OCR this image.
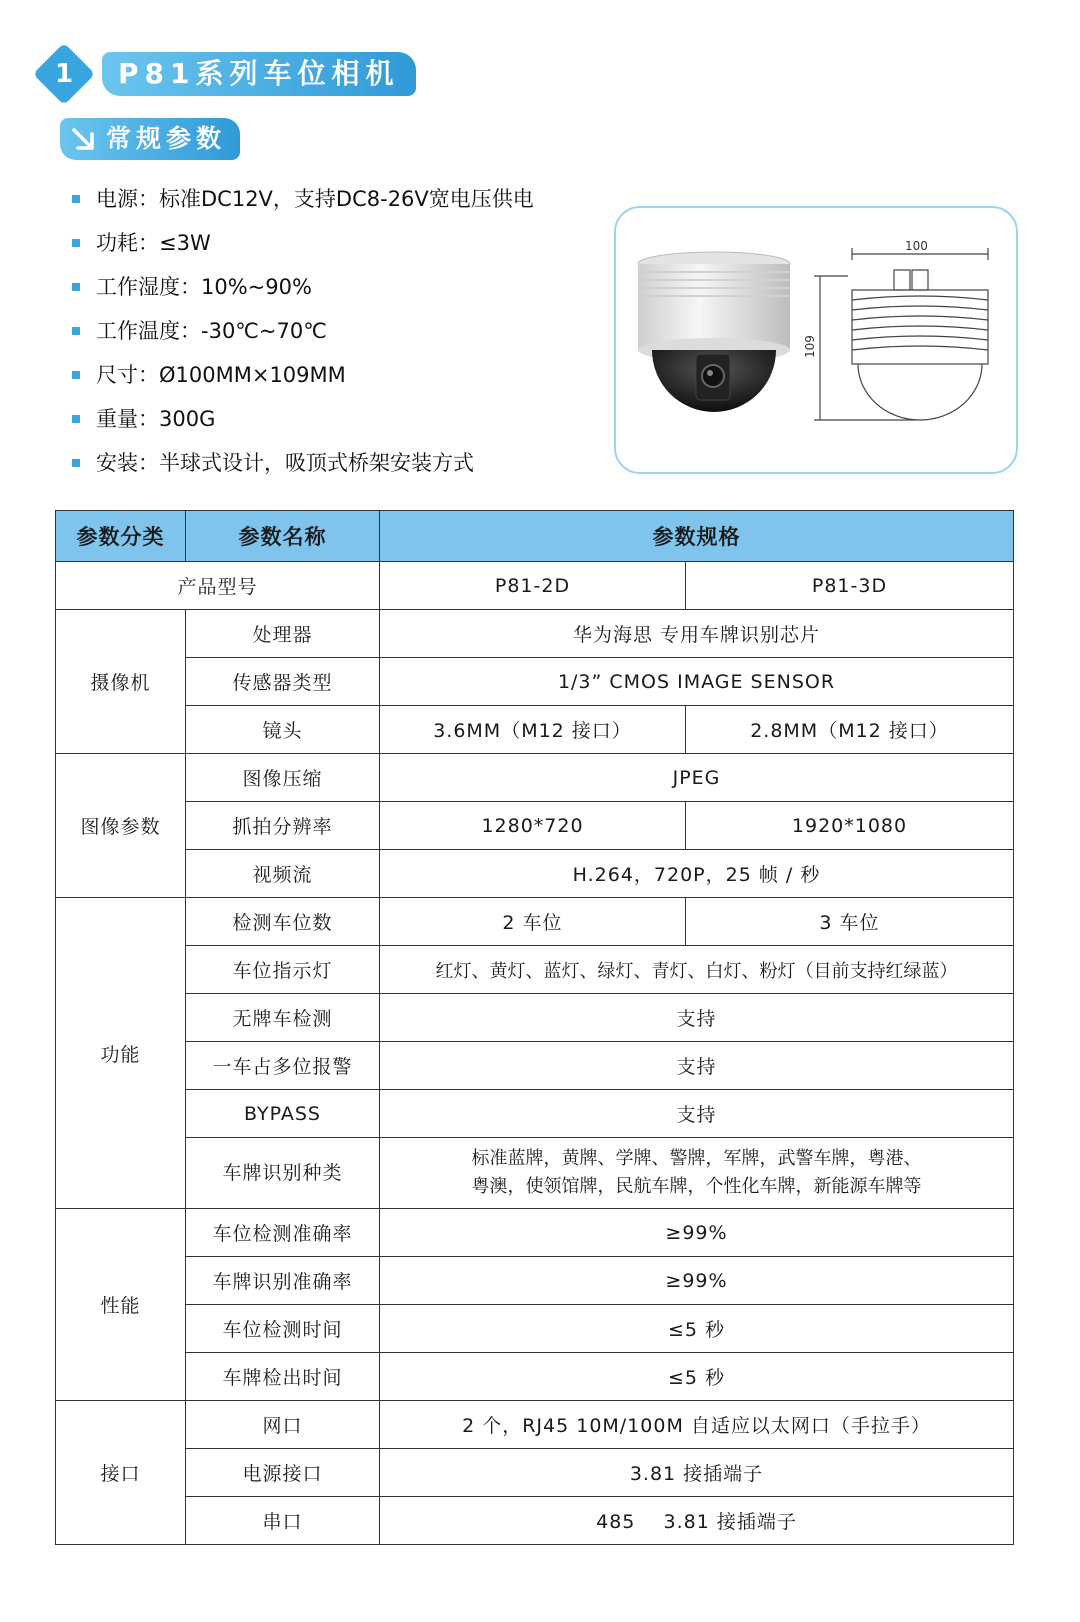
1	P81系列车位相机
常规参数
电源：标准DC12V，支持DC8-26V宽电压供电
功耗：≤3W
工作湿度：10%~90%
工作温度：-30℃~70℃
尺寸：Ø100MM×109MM
重量：300G
安装：半球式设计，吸顶式桥架安装方式
100
109
参数分类	参数名称	参数规格	
产品型号		P81-2D	P81-3D
摄像机	处理器	华为海思 专用车牌识别芯片	
	传感器类型	1/3” CMOS IMAGE SENSOR	
	镜头	3.6MM（M12 接口）	2.8MM（M12 接口）
图像参数	图像压缩	JPEG	
	抓拍分辨率	1280*720	1920*1080
	视频流	H.264，720P，25 帧 / 秒	
功能	检测车位数	2 车位	3 车位
	车位指示灯	红灯、黄灯、蓝灯、绿灯、青灯、白灯、粉灯（目前支持红绿蓝）	
	无牌车检测	支持	
	一车占多位报警	支持	
	BYPASS	支持	
	车牌识别种类	标准蓝牌，黄牌、学牌、警牌，军牌，武警车牌，粤港、
粤澳，使领馆牌，民航车牌，个性化车牌，新能源车牌等	

性能	车位检测准确率	≥99%	
	车牌识别准确率	≥99%	
	车位检测时间	≤5 秒	
	车牌检出时间	≤5 秒	
接口	网口	2 个，RJ45 10M/100M 自适应以太网口（手拉手）	
	电源接口	3.81 接插端子	
	串口	485    3.81 接插端子	
